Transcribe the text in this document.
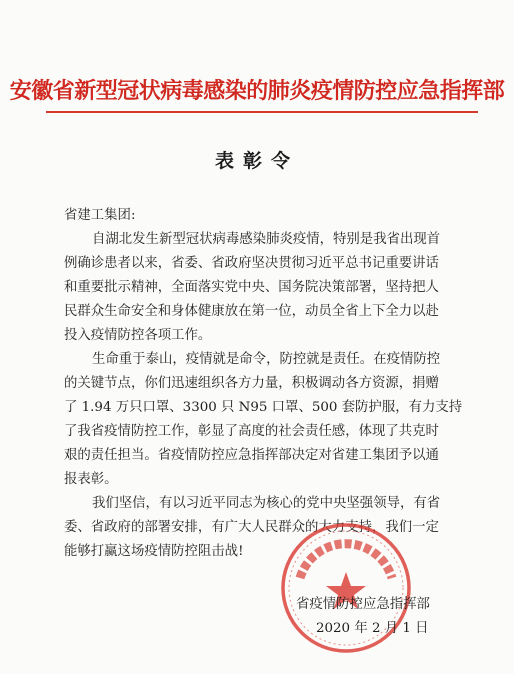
安徽省新型冠状病毒感染的肺炎疫情防控应急指挥部
表彰令
省建工集团:
自湖北发生新型冠状病毒感染肺炎疫情，特别是我省出现首
例确诊患者以来，省委、省政府坚决贯彻习近平总书记重要讲话
和重要批示精神，全面落实党中央、国务院决策部署，坚持把人
民群众生命安全和身体健康放在第一位，动员全省上下全力以赴
投入疫情防控各项工作。
生命重于泰山，疫情就是命令，防控就是责任。在疫情防控
的关键节点，你们迅速组织各方力量，积极调动各方资源，捐赠
了 1.94 万只口罩、3300 只 N95 口罩、500 套防护服，有力支持
了我省疫情防控工作，彰显了高度的社会责任感，体现了共克时
艰的责任担当。省疫情防控应急指挥部决定对省建工集团予以通
报表彰。
我们坚信，有以习近平同志为核心的党中央坚强领导，有省
委、省政府的部署安排，有广大人民群众的大力支持，我们一定
能够打赢这场疫情防控阻击战!
省疫情防控应急指挥部
2020 年 2 月 1 日
